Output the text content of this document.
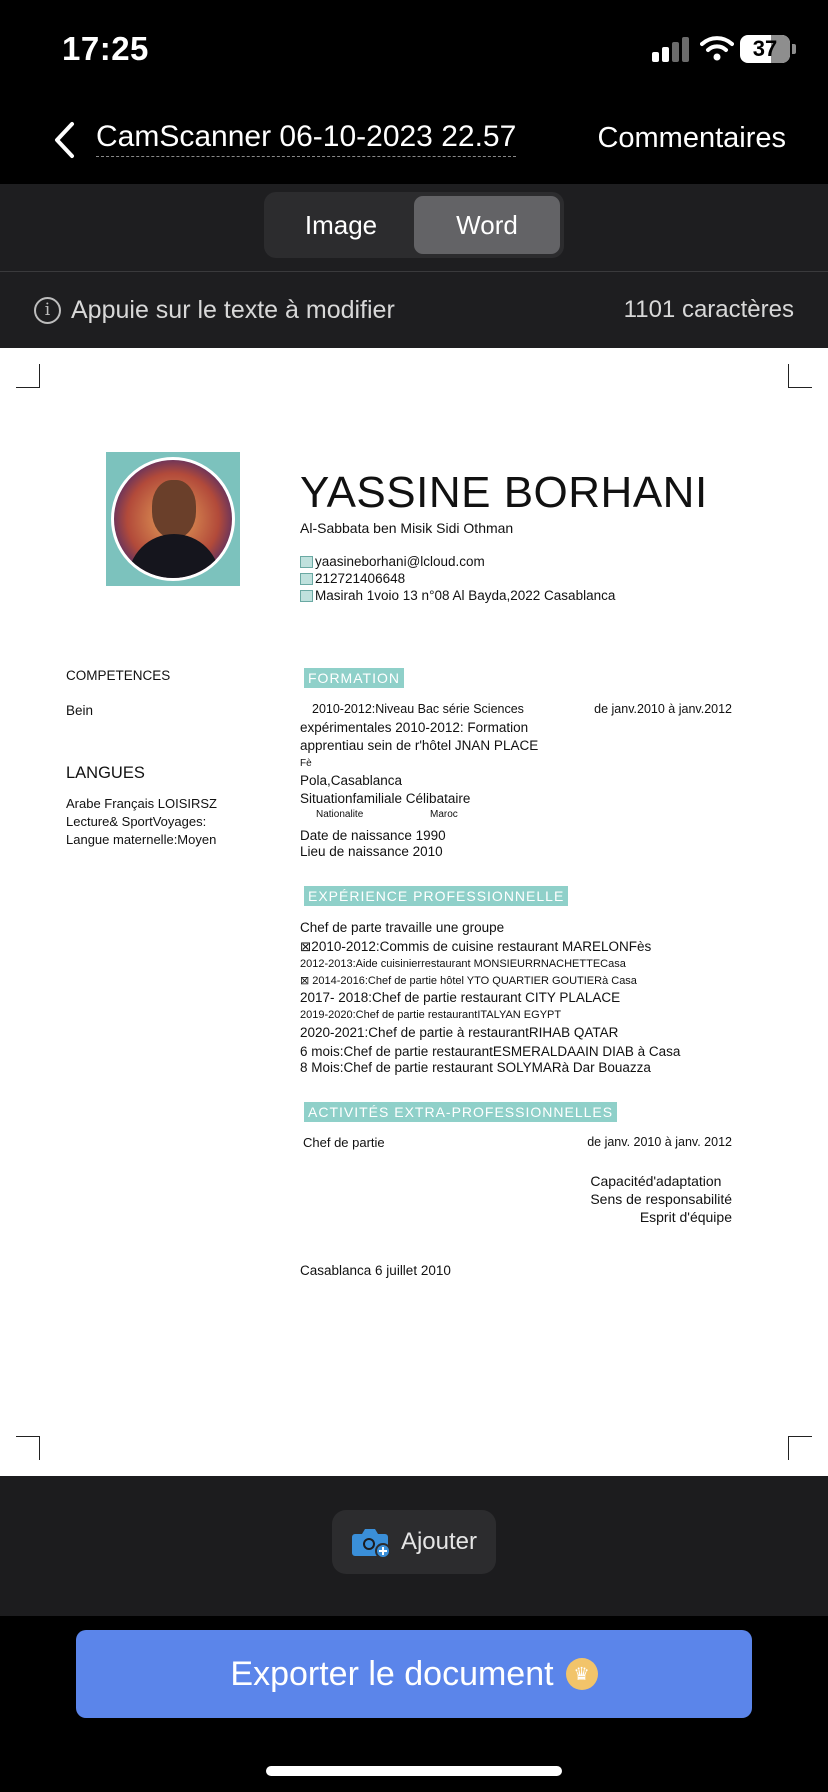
17:25	37
CamScanner 06-10-2023 22.57	Commentaires
Image	Word
i Appuie sur le texte à modifier	1101 caractères
YASSINE BORHANI
Al-Sabbata ben Misik Sidi Othman
yaasineborhani@lcloud.com
212721406648
Masirah 1voio 13 n°08 Al Bayda,2022 Casablanca
COMPETENCES
Bein
LANGUES
Arabe Français LOISIRSZ
Lecture& SportVoyages:
Langue maternelle:Moyen
FORMATION
2010-2012:Niveau Bac série Sciences	de janv.2010 à janv.2012
expérimentales 2010-2012: Formation
apprentiau sein de r'hôtel JNAN PLACE
Fè
Pola,Casablanca
Situationfamiliale Célibataire
Nationalite	Maroc
Date de naissance 1990
Lieu de naissance 2010
EXPÉRIENCE PROFESSIONNELLE
Chef de parte travaille une groupe
⊠2010-2012:Commis de cuisine restaurant MARELONFès
2012-2013:Aide cuisinierrestaurant MONSIEURRNACHETTECasa
⊠ 2014-2016:Chef de partie hôtel YTO QUARTIER GOUTIERà Casa
2017- 2018:Chef de partie restaurant CITY PLALACE
2019-2020:Chef de partie restaurantITALYAN EGYPT
2020-2021:Chef de partie à restaurantRIHAB QATAR
6 mois:Chef de partie restaurantESMERALDAAIN DIAB à Casa
8 Mois:Chef de partie restaurant SOLYMARà Dar Bouazza
ACTIVITÉS EXTRA-PROFESSIONNELLES
Chef de partie	de janv. 2010 à janv. 2012
Capacitéd'adaptation
Sens de responsabilité
Esprit d'équipe
Casablanca 6 juillet 2010
Ajouter
Exporter le document	♛
